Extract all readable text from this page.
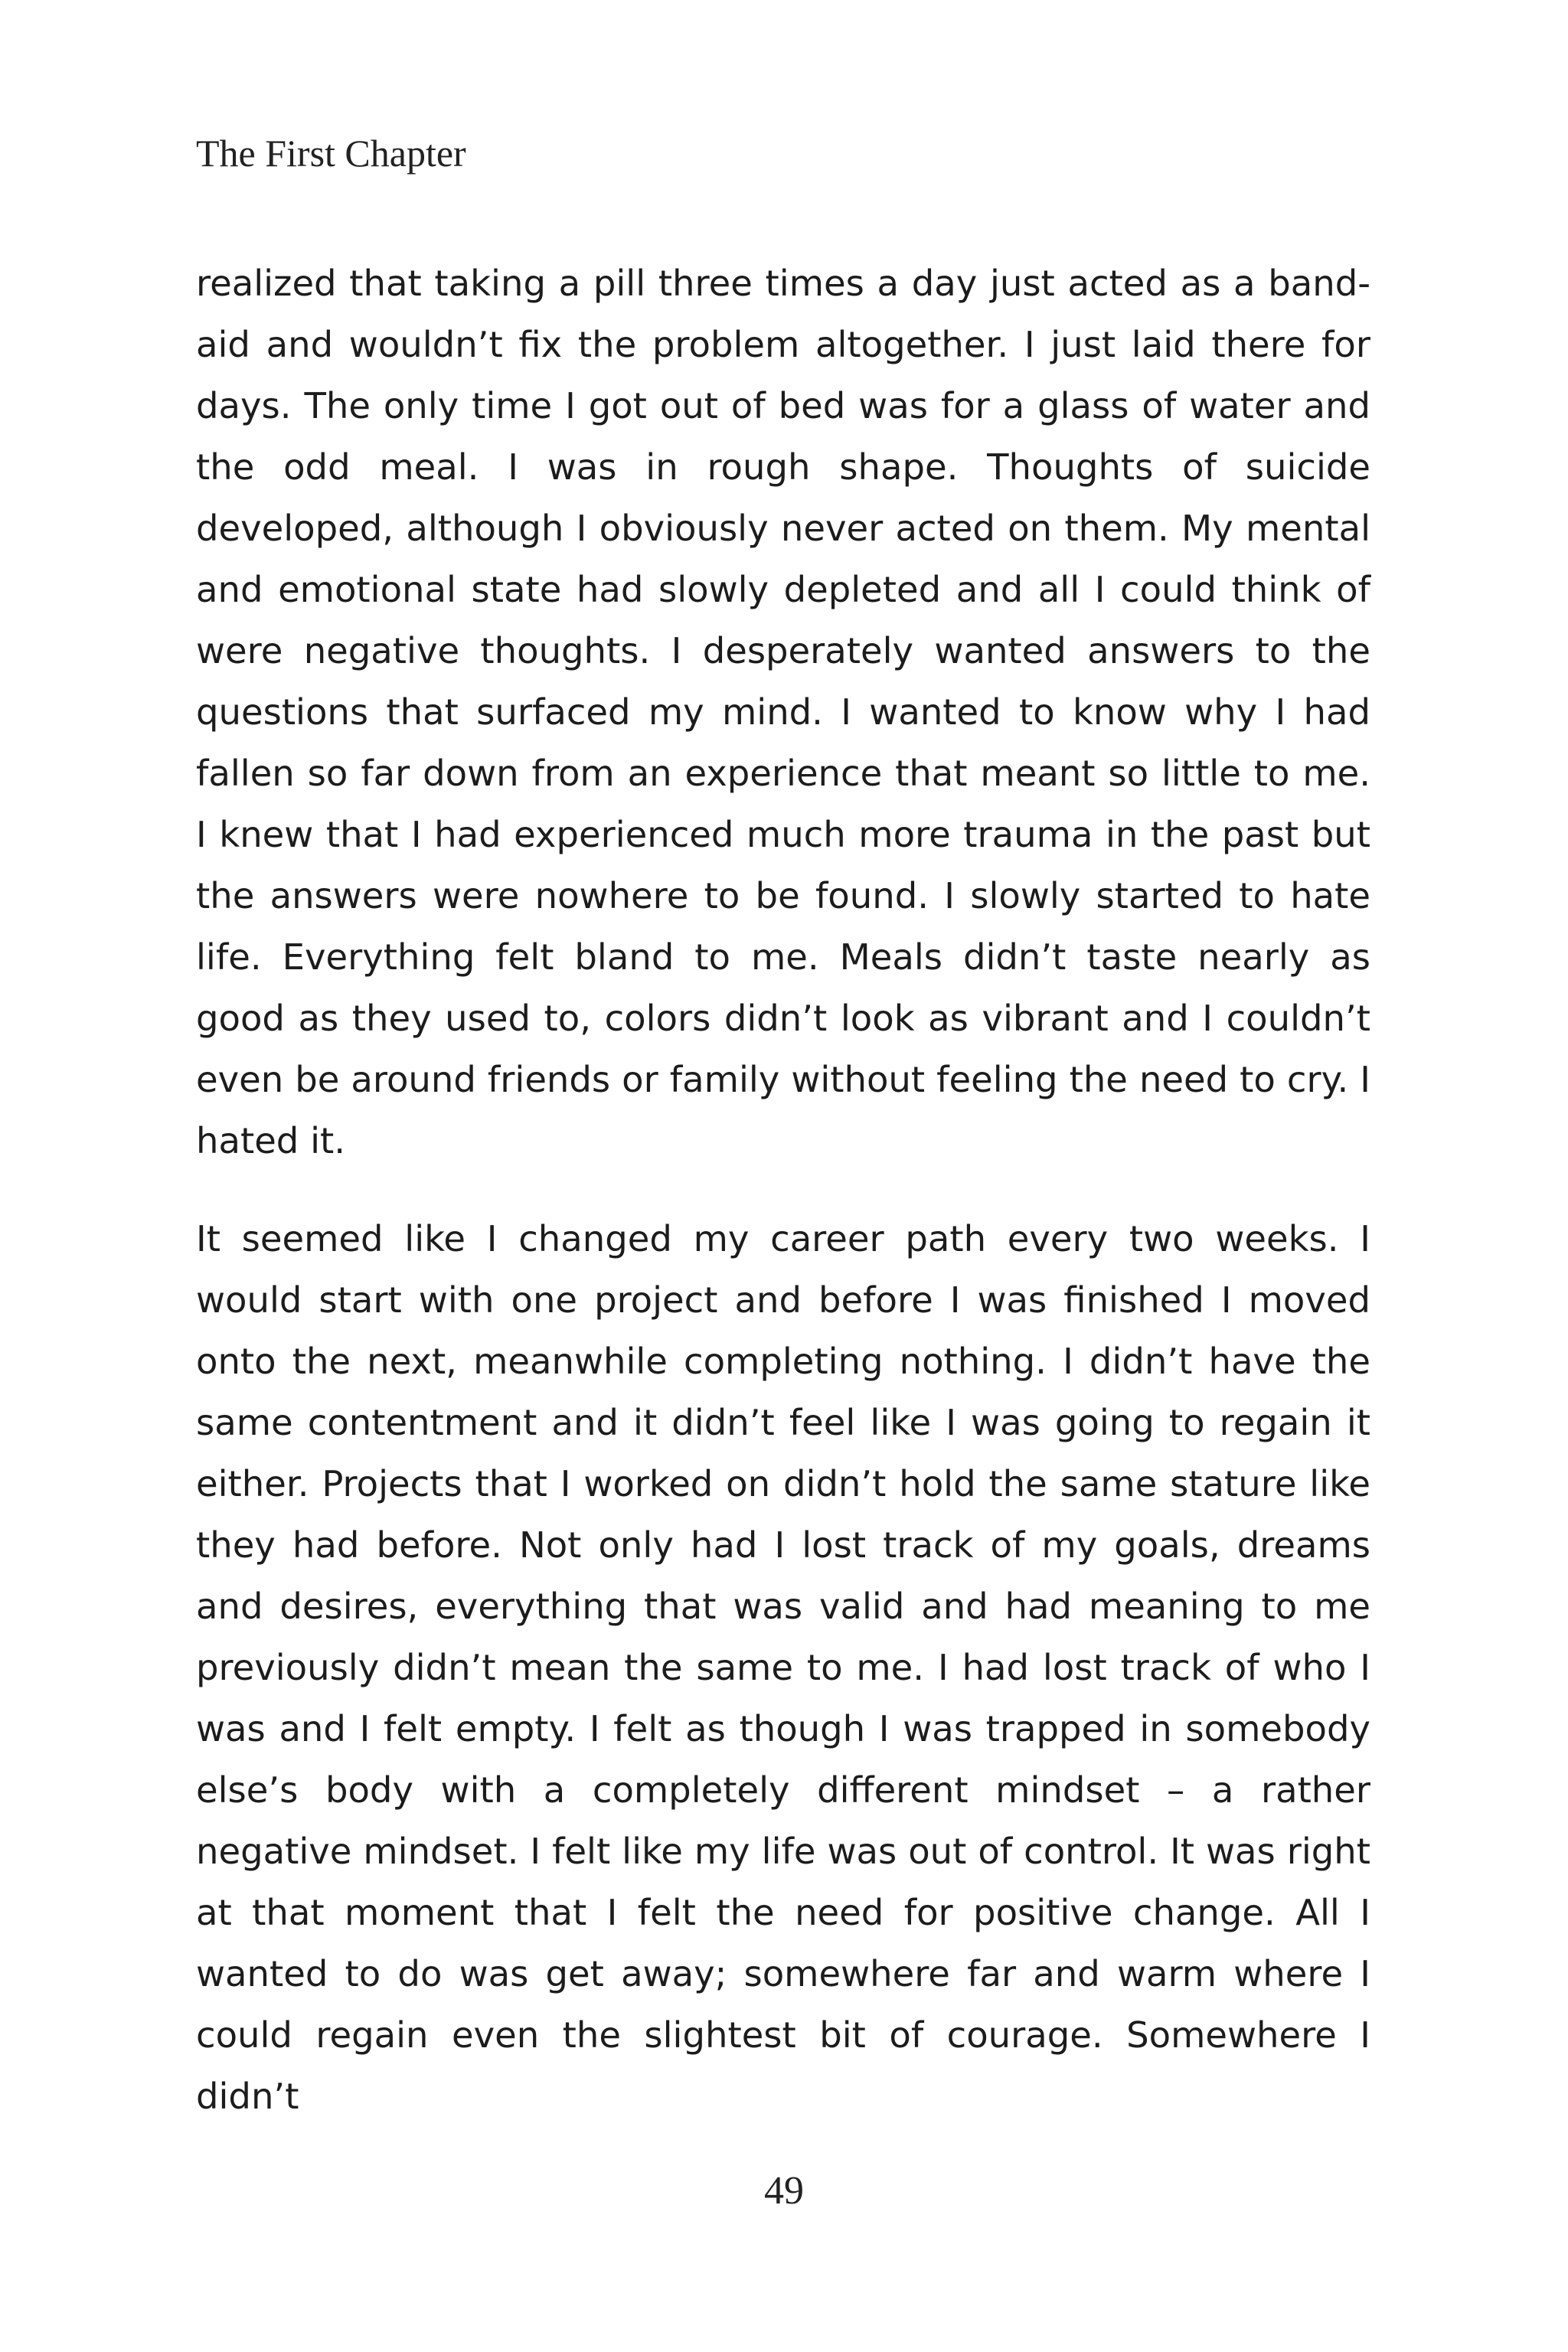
The First Chapter

realized that taking a pill three times a day just acted as a band-aid and wouldn’t fix the problem altogether. I just laid there for days. The only time I got out of bed was for a glass of water and the odd meal. I was in rough shape. Thoughts of suicide developed, although I obviously never acted on them. My mental and emotional state had slowly depleted and all I could think of were negative thoughts. I desperately wanted answers to the questions that surfaced my mind. I wanted to know why I had fallen so far down from an experience that meant so little to me. I knew that I had experienced much more trauma in the past but the answers were nowhere to be found. I slowly started to hate life. Everything felt bland to me. Meals didn’t taste nearly as good as they used to, colors didn’t look as vibrant and I couldn’t even be around friends or family without feeling the need to cry. I hated it.

It seemed like I changed my career path every two weeks. I would start with one project and before I was finished I moved onto the next, meanwhile completing nothing. I didn’t have the same contentment and it didn’t feel like I was going to regain it either. Projects that I worked on didn’t hold the same stature like they had before. Not only had I lost track of my goals, dreams and desires, everything that was valid and had meaning to me previously didn’t mean the same to me. I had lost track of who I was and I felt empty. I felt as though I was trapped in somebody else’s body with a completely different mindset – a rather negative mindset. I felt like my life was out of control. It was right at that moment that I felt the need for positive change. All I wanted to do was get away; somewhere far and warm where I could regain even the slightest bit of courage. Somewhere I didn’t

49
